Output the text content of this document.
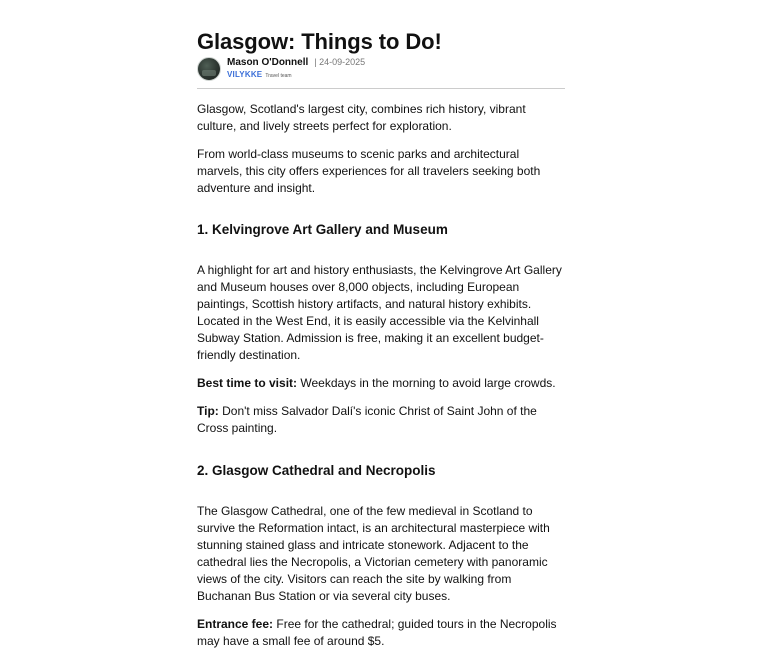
Glasgow: Things to Do!
Mason O'Donnell | 24-09-2025
VILYKKE Travel team

Glasgow, Scotland's largest city, combines rich history, vibrant culture, and lively streets perfect for exploration.

From world-class museums to scenic parks and architectural marvels, this city offers experiences for all travelers seeking both adventure and insight.

1. Kelvingrove Art Gallery and Museum

A highlight for art and history enthusiasts, the Kelvingrove Art Gallery and Museum houses over 8,000 objects, including European paintings, Scottish history artifacts, and natural history exhibits. Located in the West End, it is easily accessible via the Kelvinhall Subway Station. Admission is free, making it an excellent budget-friendly destination.

Best time to visit: Weekdays in the morning to avoid large crowds.

Tip: Don't miss Salvador Dalí's iconic Christ of Saint John of the Cross painting.

2. Glasgow Cathedral and Necropolis

The Glasgow Cathedral, one of the few medieval in Scotland to survive the Reformation intact, is an architectural masterpiece with stunning stained glass and intricate stonework. Adjacent to the cathedral lies the Necropolis, a Victorian cemetery with panoramic views of the city. Visitors can reach the site by walking from Buchanan Bus Station or via several city buses.

Entrance fee: Free for the cathedral; guided tours in the Necropolis may have a small fee of around $5.
